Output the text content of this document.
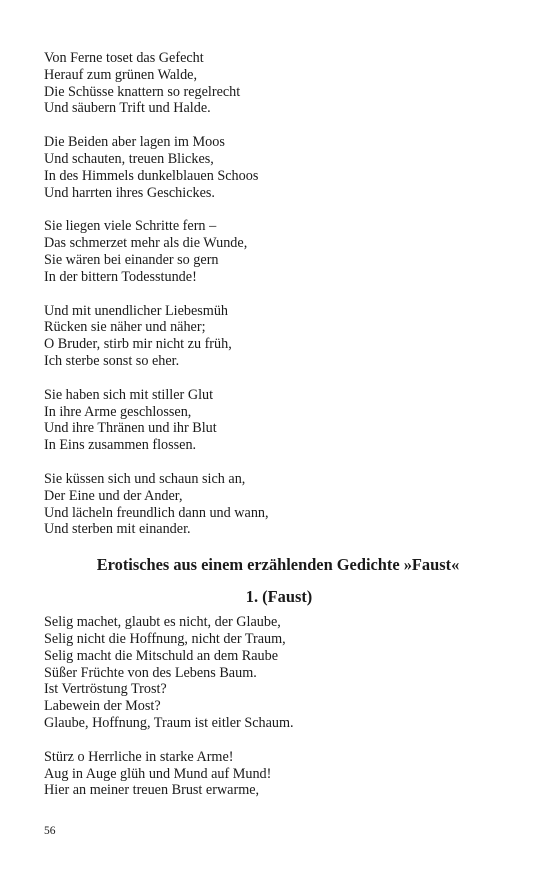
Von Ferne toset das Gefecht
Herauf zum grünen Walde,
Die Schüsse knattern so regelrecht
Und säubern Trift und Halde.
Die Beiden aber lagen im Moos
Und schauten, treuen Blickes,
In des Himmels dunkelblauen Schoos
Und harrten ihres Geschickes.
Sie liegen viele Schritte fern –
Das schmerzet mehr als die Wunde,
Sie wären bei einander so gern
In der bittern Todesstunde!
Und mit unendlicher Liebesmüh
Rücken sie näher und näher;
O Bruder, stirb mir nicht zu früh,
Ich sterbe sonst so eher.
Sie haben sich mit stiller Glut
In ihre Arme geschlossen,
Und ihre Thränen und ihr Blut
In Eins zusammen flossen.
Sie küssen sich und schaun sich an,
Der Eine und der Ander,
Und lächeln freundlich dann und wann,
Und sterben mit einander.
Erotisches aus einem erzählenden Gedichte »Faust«
1. (Faust)
Selig machet, glaubt es nicht, der Glaube,
Selig nicht die Hoffnung, nicht der Traum,
Selig macht die Mitschuld an dem Raube
Süßer Früchte von des Lebens Baum.
Ist Vertröstung Trost?
Labewein der Most?
Glaube, Hoffnung, Traum ist eitler Schaum.
Stürz o Herrliche in starke Arme!
Aug in Auge glüh und Mund auf Mund!
Hier an meiner treuen Brust erwarme,
56
